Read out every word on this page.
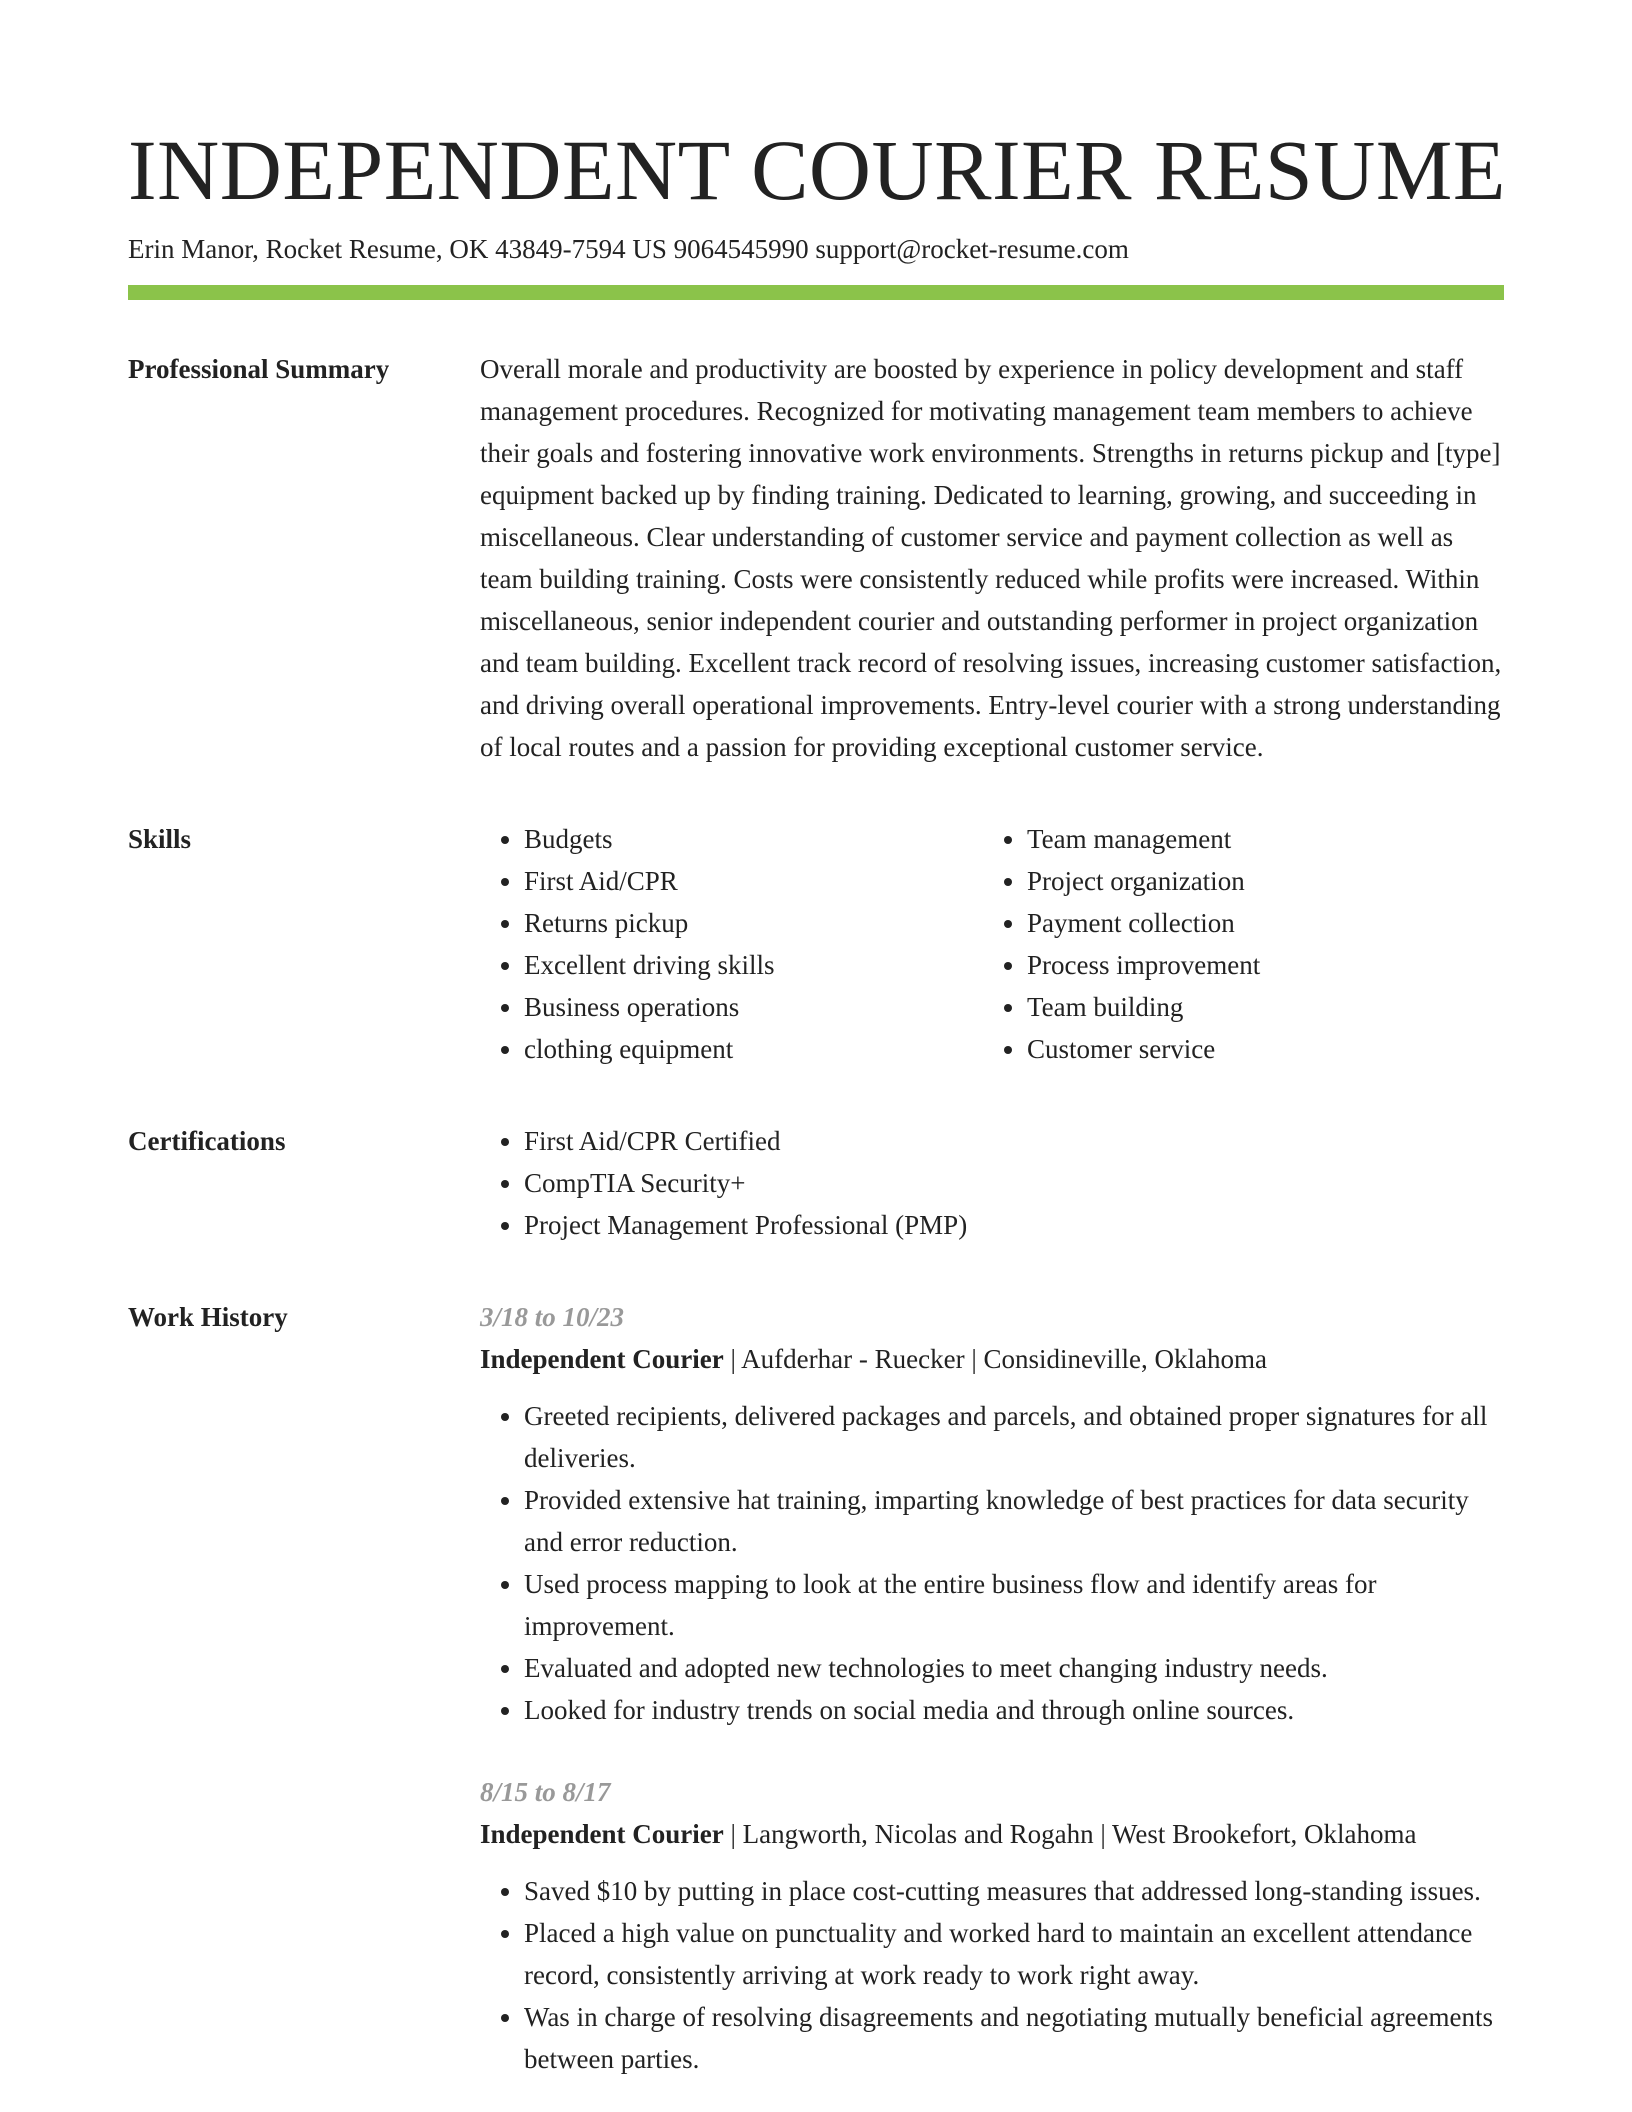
INDEPENDENT COURIER RESUME
Erin Manor, Rocket Resume, OK 43849-7594 US 9064545990 support@rocket-resume.com
Professional Summary	Overall morale and productivity are boosted by experience in policy development and staff management procedures. Recognized for motivating management team members to achieve their goals and fostering innovative work environments. Strengths in returns pickup and [type] equipment backed up by finding training. Dedicated to learning, growing, and succeeding in miscellaneous. Clear understanding of customer service and payment collection as well as team building training. Costs were consistently reduced while profits were increased. Within miscellaneous, senior independent courier and outstanding performer in project organization and team building. Excellent track record of resolving issues, increasing customer satisfaction, and driving overall operational improvements. Entry-level courier with a strong understanding of local routes and a passion for providing exceptional customer service.

Skills	• Budgets
• First Aid/CPR
• Returns pickup
• Excellent driving skills
• Business operations
• clothing equipment
• Team management
• Project organization
• Payment collection
• Process improvement
• Team building
• Customer service
Certifications	• First Aid/CPR Certified
• CompTIA Security+
• Project Management Professional (PMP)
Work History	3/18 to 10/23
Independent Courier | Aufderhar - Ruecker | Considineville, Oklahoma
• Greeted recipients, delivered packages and parcels, and obtained proper signatures for all deliveries.
• Provided extensive hat training, imparting knowledge of best practices for data security and error reduction.
• Used process mapping to look at the entire business flow and identify areas for improvement.
• Evaluated and adopted new technologies to meet changing industry needs.
• Looked for industry trends on social media and through online sources.
8/15 to 8/17
Independent Courier | Langworth, Nicolas and Rogahn | West Brookefort, Oklahoma
• Saved $10 by putting in place cost-cutting measures that addressed long-standing issues.
• Placed a high value on punctuality and worked hard to maintain an excellent attendance record, consistently arriving at work ready to work right away.
• Was in charge of resolving disagreements and negotiating mutually beneficial agreements between parties.
